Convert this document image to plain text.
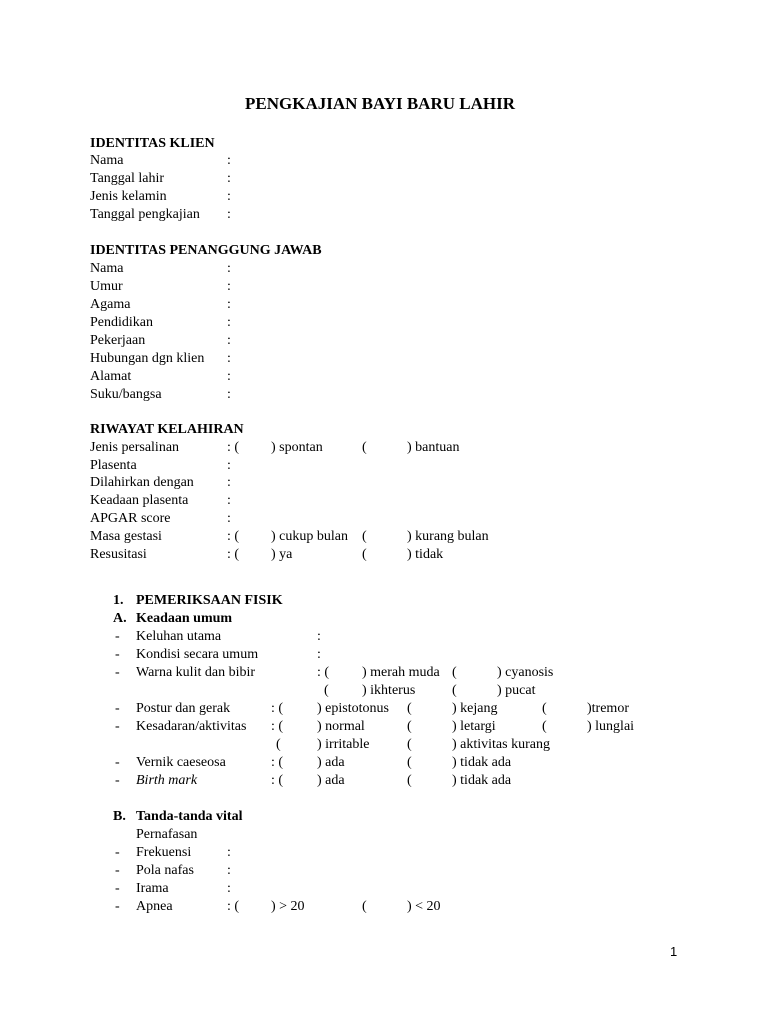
PENGKAJIAN BAYI BARU LAHIR
IDENTITAS KLIEN
Nama	:
Tanggal lahir	:
Jenis kelamin	:
Tanggal pengkajian :
IDENTITAS PENANGGUNG JAWAB
Nama	:
Umur	:
Agama	:
Pendidikan	:
Pekerjaan	:
Hubungan dgn klien :
Alamat	:
Suku/bangsa	:
RIWAYAT KELAHIRAN
Jenis persalinan	: ( ) spontan	(	) bantuan
Plasenta	:
Dilahirkan dengan :
Keadaan plasenta	:
APGAR score	:
Masa gestasi	: ( ) cukup bulan (	) kurang bulan
Resusitasi	: ( ) ya	(	) tidak
1. PEMERIKSAAN FISIK
A. Keadaan umum
- Keluhan utama	:
- Kondisi secara umum	:
- Warna kulit dan bibir	: ( ) merah muda (	) cyanosis
( ) ikhterus	(	) pucat
- Postur dan gerak	: ( ) epistotonus (	) kejang	(	)tremor
- Kesadaran/aktivitas : ( ) normal	(	) letargi	(	) lunglai
(	) irritable	(	) aktivitas kurang
- Vernik caeseosa	: ( ) ada	(	) tidak ada
- Birth mark	: ( ) ada	(	) tidak ada
B. Tanda-tanda vital
Pernafasan
- Frekuensi	:
- Pola nafas :
- Irama	:
- Apnea	: ( ) > 20	(	) < 20
1
